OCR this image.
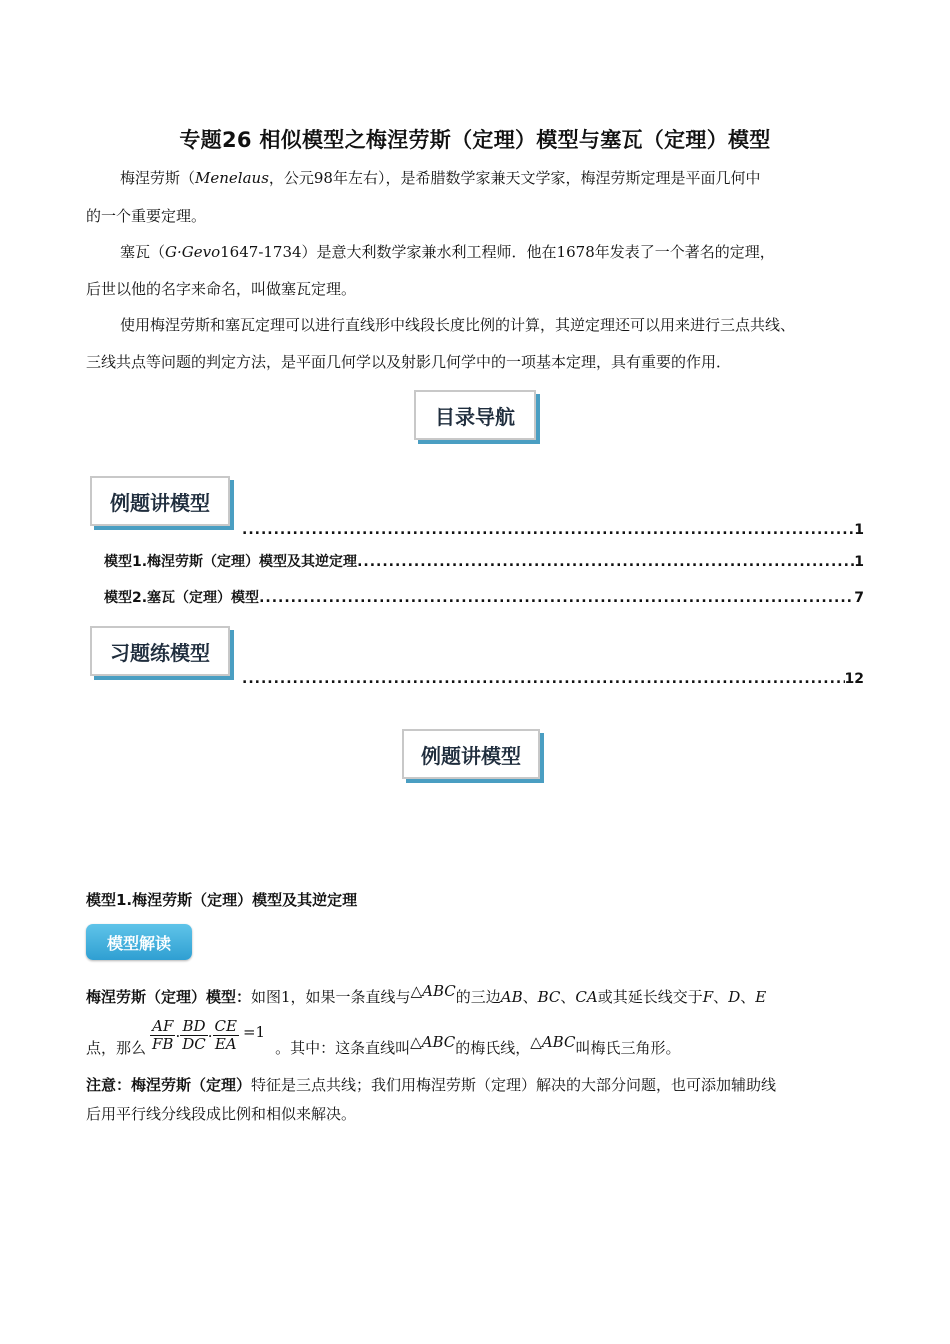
专题26 相似模型之梅涅劳斯（定理）模型与塞瓦（定理）模型
梅涅劳斯（Menelaus，公元98年左右），是希腊数学家兼天文学家，梅涅劳斯定理是平面几何中
的一个重要定理。
塞瓦（G·Gevo1647-1734）是意大利数学家兼水利工程师．他在1678年发表了一个著名的定理，
后世以他的名字来命名，叫做塞瓦定理。
使用梅涅劳斯和塞瓦定理可以进行直线形中线段长度比例的计算，其逆定理还可以用来进行三点共线、
三线共点等问题的判定方法，是平面几何学以及射影几何学中的一项基本定理，具有重要的作用．
目录导航
例题讲模型
.....
1
模型1.梅涅劳斯（定理）模型及其逆定理 .....	1
模型2.塞瓦（定理）模型 .....	7
习题练模型
.....
12
例题讲模型
模型1.梅涅劳斯（定理）模型及其逆定理
模型解读
梅涅劳斯（定理）模型：如图1，如果一条直线与△ABC的三边AB、BC、CA或其延长线交于F、D、E
点，那么 $\frac{AF}{FB} \cdot \frac{BD}{DC} \cdot \frac{CE}{EA} =1$
。其中：这条直线叫 △ABC 的梅氏线， △ABC 叫梅氏三角形。
注意：梅涅劳斯（定理）特征是三点共线；我们用梅涅劳斯（定理）解决的大部分问题，也可添加辅助线
后用平行线分线段成比例和相似来解决。
